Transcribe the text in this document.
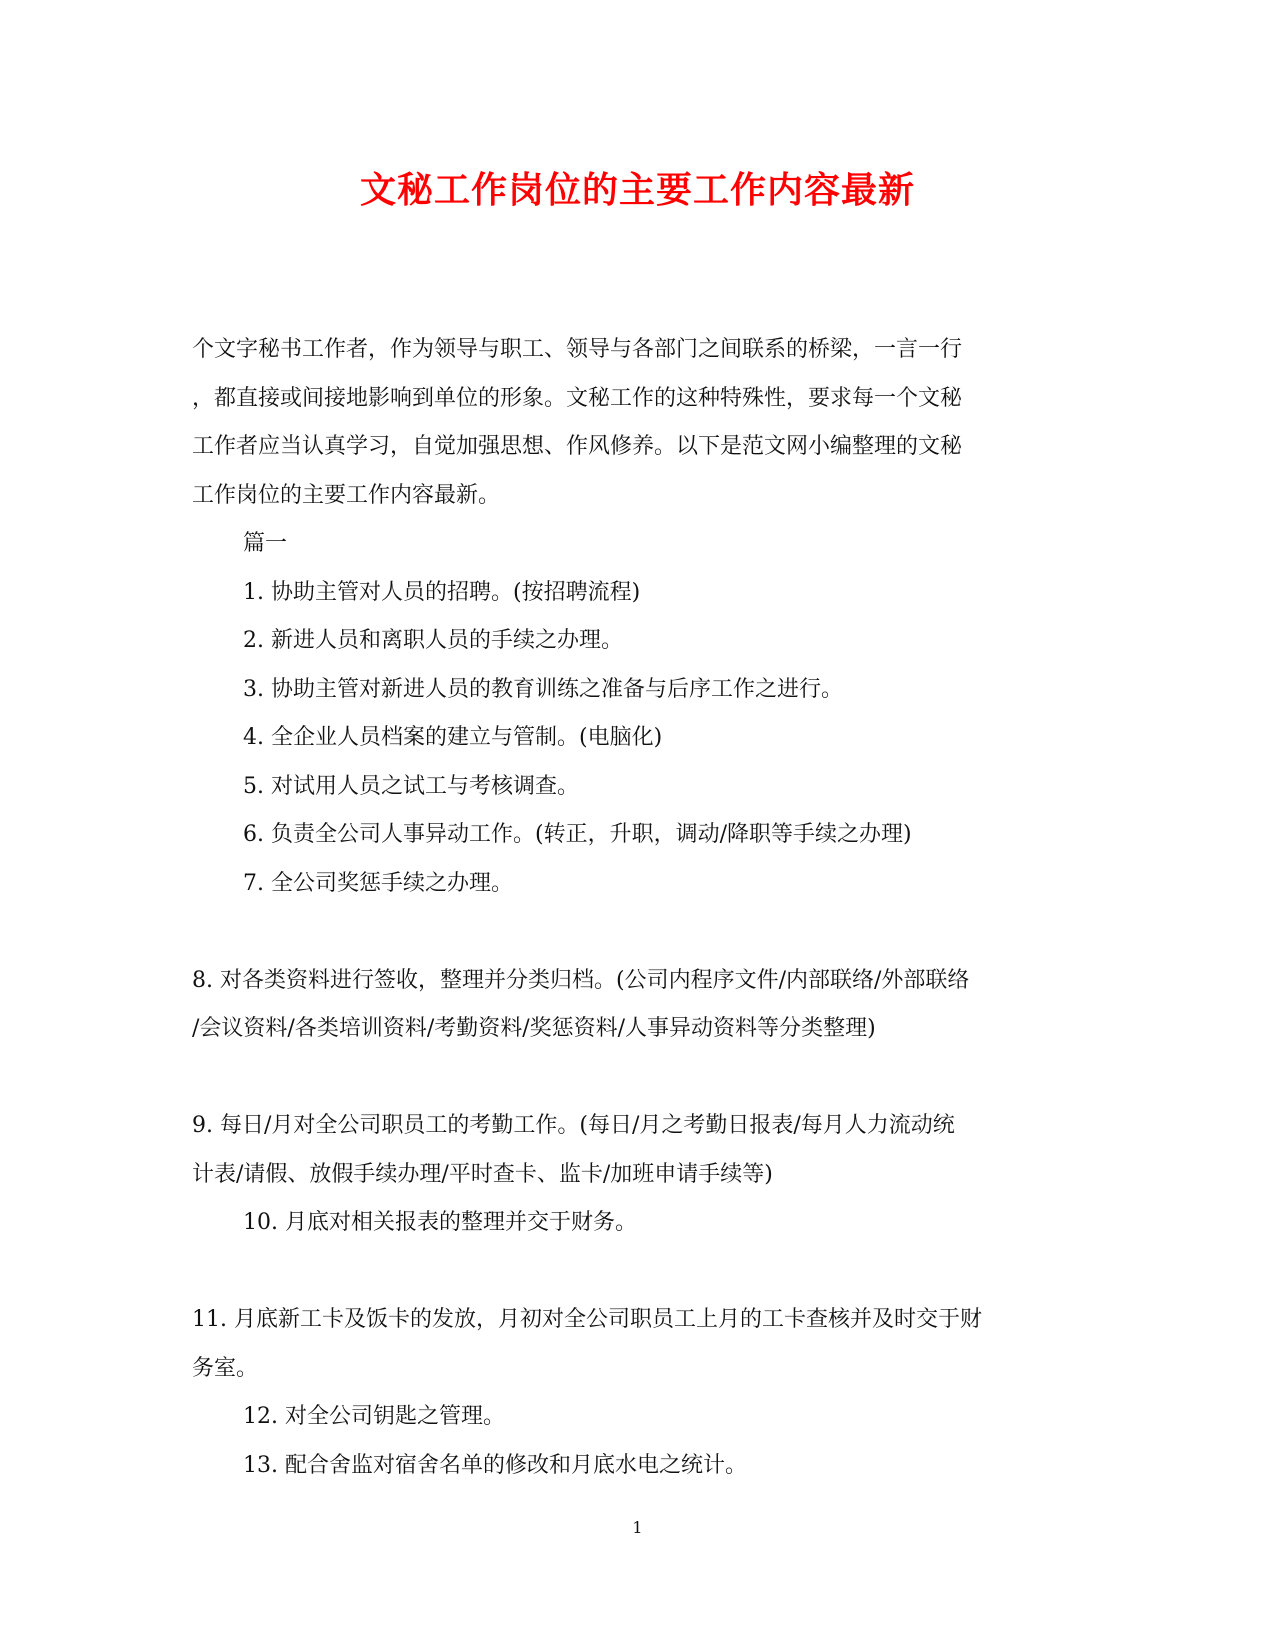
文秘工作岗位的主要工作内容最新
个文字秘书工作者，作为领导与职工、领导与各部门之间联系的桥梁，一言一行
，都直接或间接地影响到单位的形象。文秘工作的这种特殊性，要求每一个文秘
工作者应当认真学习，自觉加强思想、作风修养。以下是范文网小编整理的文秘
工作岗位的主要工作内容最新。
篇一
1. 协助主管对人员的招聘。(按招聘流程)
2. 新进人员和离职人员的手续之办理。
3. 协助主管对新进人员的教育训练之准备与后序工作之进行。
4. 全企业人员档案的建立与管制。(电脑化)
5. 对试用人员之试工与考核调查。
6. 负责全公司人事异动工作。(转正，升职，调动/降职等手续之办理)
7. 全公司奖惩手续之办理。
8. 对各类资料进行签收，整理并分类归档。(公司内程序文件/内部联络/外部联络
/会议资料/各类培训资料/考勤资料/奖惩资料/人事异动资料等分类整理)
9. 每日/月对全公司职员工的考勤工作。(每日/月之考勤日报表/每月人力流动统
计表/请假、放假手续办理/平时查卡、监卡/加班申请手续等)
10. 月底对相关报表的整理并交于财务。
11. 月底新工卡及饭卡的发放，月初对全公司职员工上月的工卡查核并及时交于财
务室。
12. 对全公司钥匙之管理。
13. 配合舍监对宿舍名单的修改和月底水电之统计。
1
